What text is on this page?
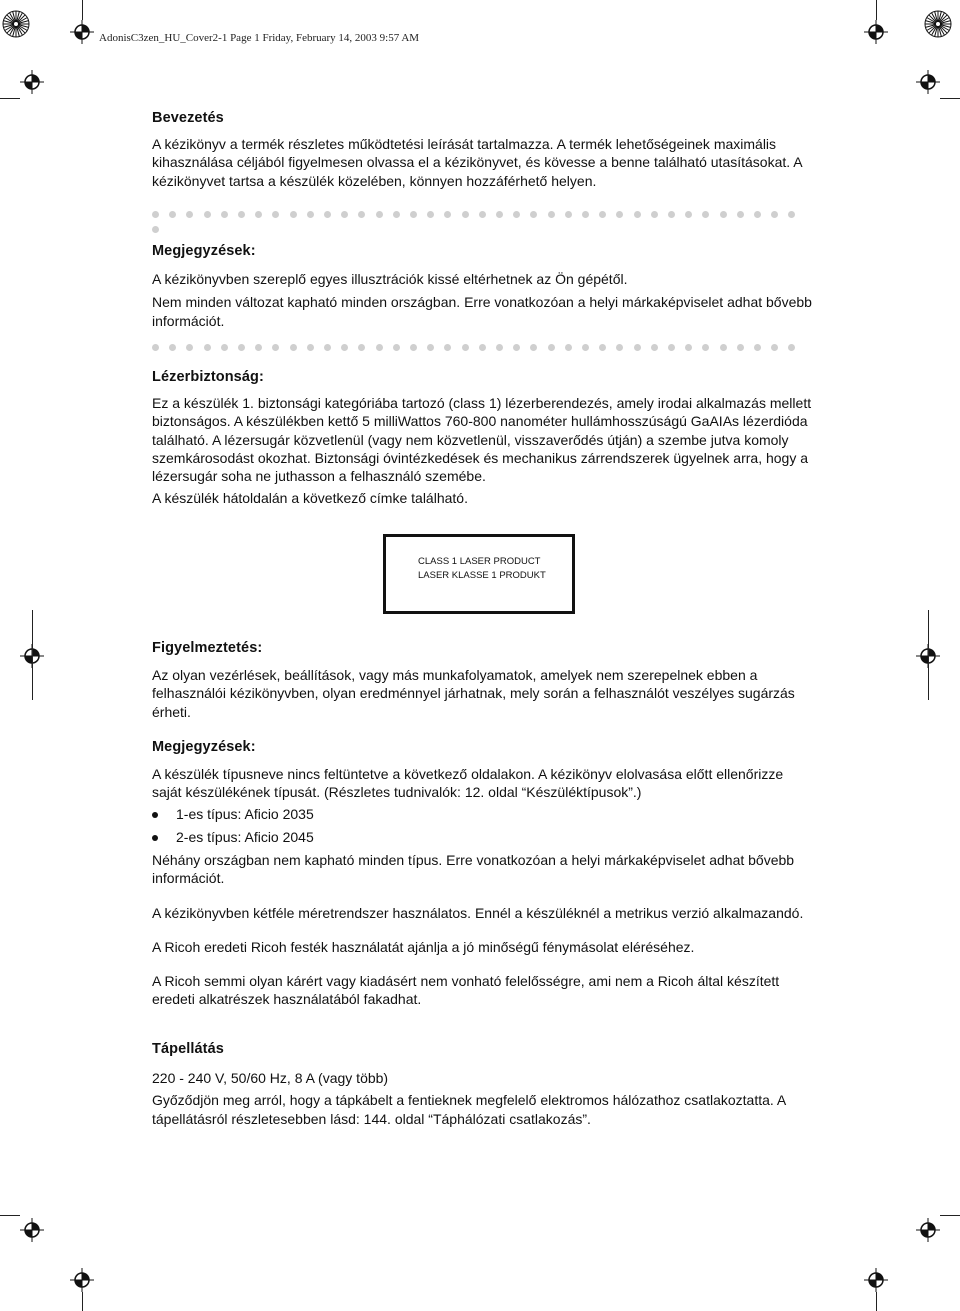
AdonisC3zen_HU_Cover2-1 Page 1 Friday, February 14, 2003 9:57 AM
Bevezetés

A kézikönyv a termék részletes működtetési leírását tartalmazza. A termék lehetőségeinek maximális kihasználása céljából figyelmesen olvassa el a kézikönyvet, és kövesse a benne található utasításokat. A kézikönyvet tartsa a készülék közelében, könnyen hozzáférhető helyen.

Megjegyzések:

A kézikönyvben szereplő egyes illusztrációk kissé eltérhetnek az Ön gépétől.

Nem minden változat kapható minden országban. Erre vonatkozóan a helyi márkaképviselet adhat bővebb információt.

Lézerbiztonság:

Ez a készülék 1. biztonsági kategóriába tartozó (class 1) lézerberendezés, amely irodai alkalmazás mellett biztonságos. A készülékben kettő 5 milliWattos 760-800 nanométer hullámhosszúságú GaAIAs lézerdióda található. A lézersugár közvetlenül (vagy nem közvetlenül, visszaverődés útján) a szembe jutva komoly szemkárosodást okozhat. Biztonsági óvintézkedések és mechanikus zárrendszerek ügyelnek arra, hogy a lézersugár soha ne juthasson a felhasználó szemébe.

A készülék hátoldalán a következő címke található.

CLASS 1 LASER PRODUCT

LASER KLASSE 1 PRODUKT

Figyelmeztetés:

Az olyan vezérlések, beállítások, vagy más munkafolyamatok, amelyek nem szerepelnek ebben a felhasználói kézikönyvben, olyan eredménnyel járhatnak, mely során a felhasználót veszélyes sugárzás érheti.

Megjegyzések:

A készülék típusneve nincs feltüntetve a következő oldalakon. A kézikönyv elolvasása előtt ellenőrizze saját készülékének típusát. (Részletes tudnivalók: 12. oldal “Készüléktípusok”.)

1-es típus: Aficio 2035
2-es típus: Aficio 2045

Néhány országban nem kapható minden típus. Erre vonatkozóan a helyi márkaképviselet adhat bővebb információt.

A kézikönyvben kétféle méretrendszer használatos. Ennél a készüléknél a metrikus verzió alkalmazandó.

A Ricoh eredeti Ricoh festék használatát ajánlja a jó minőségű fénymásolat eléréséhez.

A Ricoh semmi olyan kárért vagy kiadásért nem vonható felelősségre, ami nem a Ricoh által készített eredeti alkatrészek használatából fakadhat.

Tápellátás

220 - 240 V, 50/60 Hz, 8 A (vagy több)

Győződjön meg arról, hogy a tápkábelt a fentieknek megfelelő elektromos hálózathoz csatlakoztatta. A tápellátásról részletesebben lásd: 144. oldal “Táphálózati csatlakozás”.
